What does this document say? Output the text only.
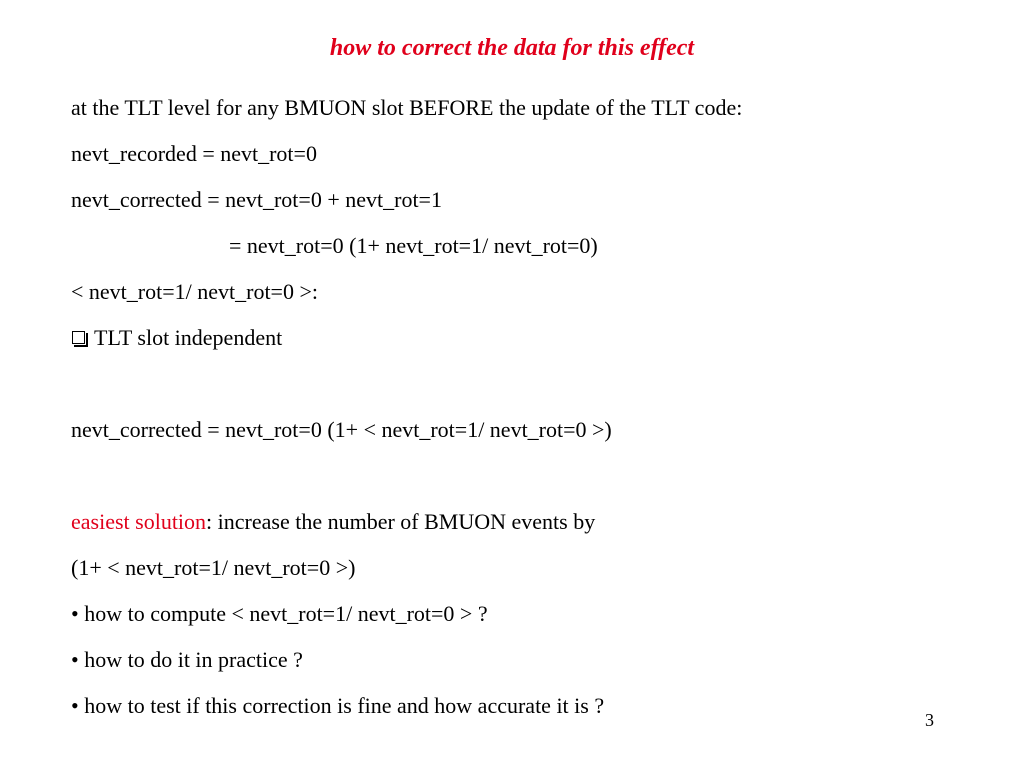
how to correct the data for this effect
at the TLT level for any BMUON slot BEFORE the update of the TLT code:
nevt_recorded = nevt_rot=0
nevt_corrected = nevt_rot=0 + nevt_rot=1
= nevt_rot=0 (1+ nevt_rot=1/ nevt_rot=0)
< nevt_rot=1/ nevt_rot=0 >:
TLT slot independent
nevt_corrected = nevt_rot=0 (1+ < nevt_rot=1/ nevt_rot=0 >)
easiest solution: increase the number of BMUON events by
(1+ < nevt_rot=1/ nevt_rot=0 >)
• how to compute < nevt_rot=1/ nevt_rot=0 > ?
• how to do it in practice ?
• how to test if this correction is fine and how accurate it is ?
3
